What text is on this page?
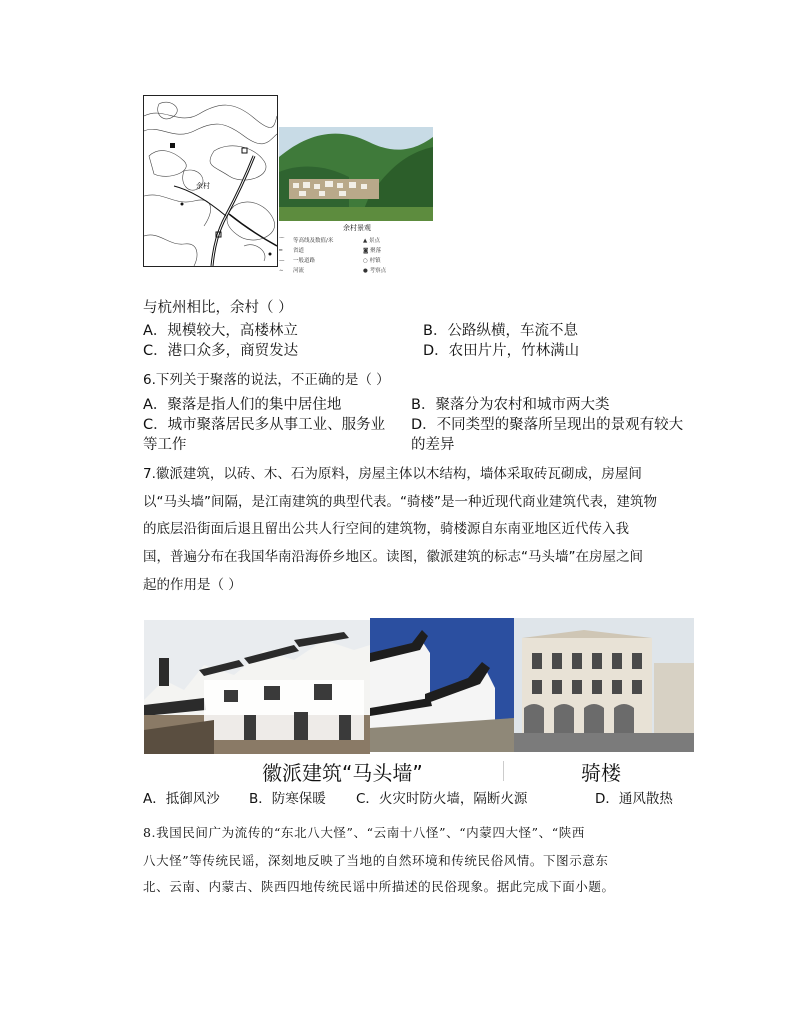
余村
余村景观
⌒ 等高线及数值/米	▲ 景点
═ 省道	◙ 聚落
— 一般道路	○ 村镇
∼ 河流	● 考察点
与杭州相比，余村（ ）
A．规模较大，高楼林立	B．公路纵横，车流不息
C．港口众多，商贸发达	D．农田片片，竹林满山
6.下列关于聚落的说法，不正确的是（ ）
A．聚落是指人们的集中居住地	B．聚落分为农村和城市两大类
C．城市聚落居民多从事工业、服务业
等工作
D．不同类型的聚落所呈现出的景观有较大
的差异
7.徽派建筑，以砖、木、石为原料，房屋主体以木结构，墙体采取砖瓦砌成，房屋间
以“马头墙”间隔，是江南建筑的典型代表。“骑楼”是一种近现代商业建筑代表，建筑物
的底层沿街面后退且留出公共人行空间的建筑物，骑楼源自东南亚地区近代传入我
国，普遍分布在我国华南沿海侨乡地区。读图，徽派建筑的标志“马头墙”在房屋之间
起的作用是（ ）
徽派建筑“马头墙”	骑楼
A．抵御风沙 B．防寒保暖 C．火灾时防火墙，隔断火源	D．通风散热
8.我国民间广为流传的“东北八大怪”、“云南十八怪”、“内蒙四大怪”、“陕西
八大怪”等传统民谣，深刻地反映了当地的自然环境和传统民俗风情。下图示意东
北、云南、内蒙古、陕西四地传统民谣中所描述的民俗现象。据此完成下面小题。
